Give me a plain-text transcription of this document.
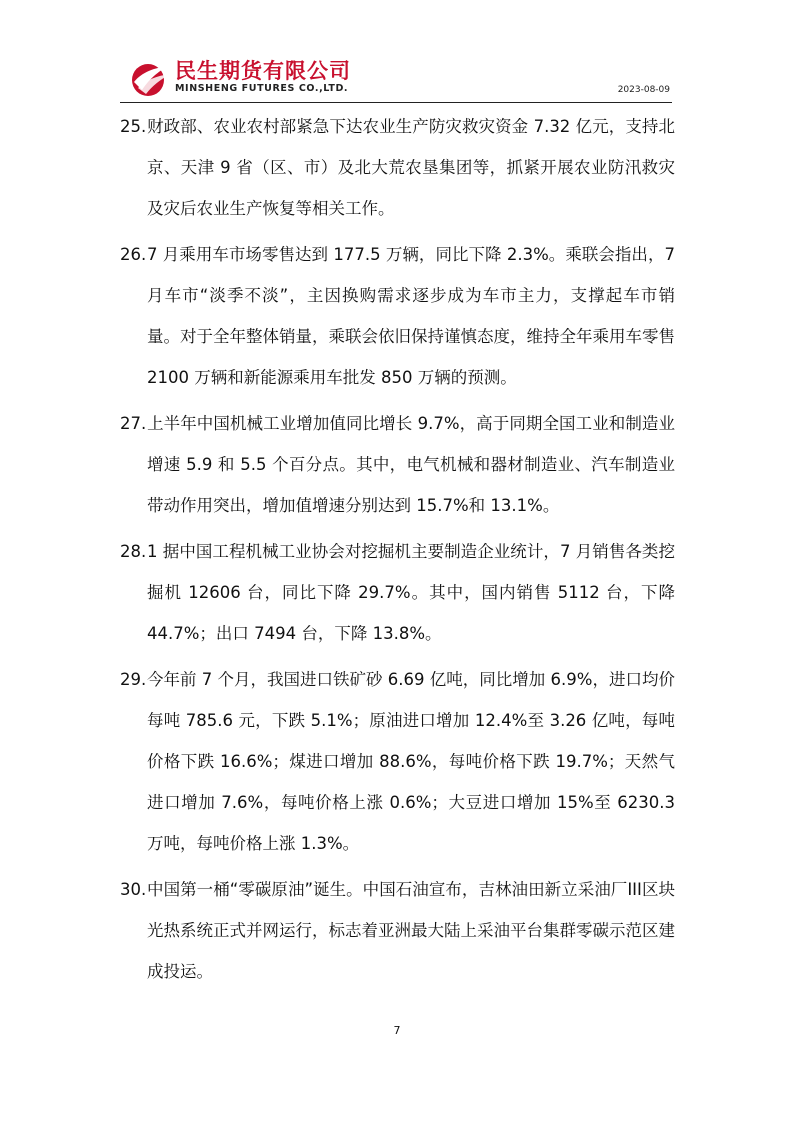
民生期货有限公司
MINSHENG FUTURES CO.,LTD.	2023-08-09
25.财政部、农业农村部紧急下达农业生产防灾救灾资金 7.32 亿元，支持北京、天津 9 省（区、市）及北大荒农垦集团等，抓紧开展农业防汛救灾及灾后农业生产恢复等相关工作。
26.7 月乘用车市场零售达到 177.5 万辆，同比下降 2.3%。乘联会指出，7 月车市“淡季不淡”，主因换购需求逐步成为车市主力，支撑起车市销量。对于全年整体销量，乘联会依旧保持谨慎态度，维持全年乘用车零售 2100 万辆和新能源乘用车批发 850 万辆的预测。
27.上半年中国机械工业增加值同比增长 9.7%，高于同期全国工业和制造业增速 5.9 和 5.5 个百分点。其中，电气机械和器材制造业、汽车制造业带动作用突出，增加值增速分别达到 15.7%和 13.1%。
28.1 据中国工程机械工业协会对挖掘机主要制造企业统计，7 月销售各类挖掘机 12606 台，同比下降 29.7%。其中，国内销售 5112 台，下降 44.7%；出口 7494 台，下降 13.8%。
29.今年前 7 个月，我国进口铁矿砂 6.69 亿吨，同比增加 6.9%，进口均价每吨 785.6 元，下跌 5.1%；原油进口增加 12.4%至 3.26 亿吨，每吨价格下跌 16.6%；煤进口增加 88.6%，每吨价格下跌 19.7%；天然气进口增加 7.6%，每吨价格上涨 0.6%；大豆进口增加 15%至 6230.3 万吨，每吨价格上涨 1.3%。
30.中国第一桶“零碳原油”诞生。中国石油宣布，吉林油田新立采油厂III区块光热系统正式并网运行，标志着亚洲最大陆上采油平台集群零碳示范区建成投运。
7
